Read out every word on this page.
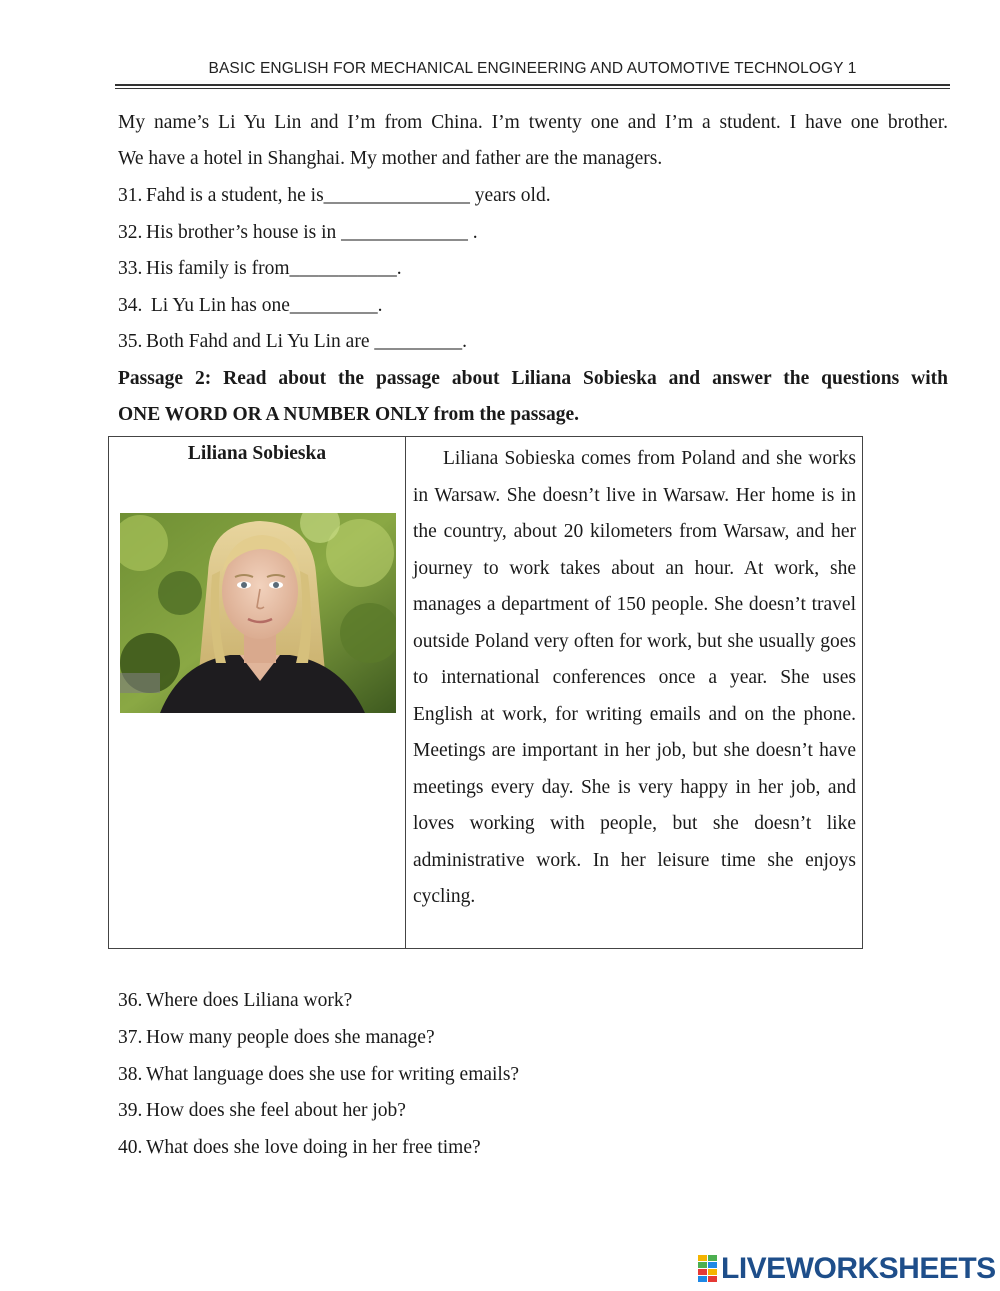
BASIC ENGLISH FOR MECHANICAL ENGINEERING AND AUTOMOTIVE TECHNOLOGY 1
My name’s Li Yu Lin and I’m from China. I’m twenty one and I’m a student. I have one brother.
We have a hotel in Shanghai. My mother and father are the managers.
31. Fahd is a student, he is_______________ years old.
32. His brother’s house is in _____________ .
33. His family is from___________.
34. Li Yu Lin has one_________.
35. Both Fahd and Li Yu Lin are _________.
Passage 2: Read about the passage about Liliana Sobieska and answer the questions with
ONE WORD OR A NUMBER ONLY from the passage.
Liliana Sobieska	Liliana Sobieska comes from Poland and she works in Warsaw. She doesn’t live in Warsaw. Her home is in the country, about 20 kilometers from Warsaw, and her journey to work takes about an hour. At work, she manages a department of 150 people. She doesn’t travel outside Poland very often for work, but she usually goes to international conferences once a year. She uses English at work, for writing emails and on the phone. Meetings are important in her job, but she doesn’t have meetings every day. She is very happy in her job, and loves working with people, but she doesn’t like administrative work. In her leisure time she enjoys cycling.

36. Where does Liliana work?
37. How many people does she manage?
38. What language does she use for writing emails?
39. How does she feel about her job?
40. What does she love doing in her free time?
LIVEWORKSHEETS
